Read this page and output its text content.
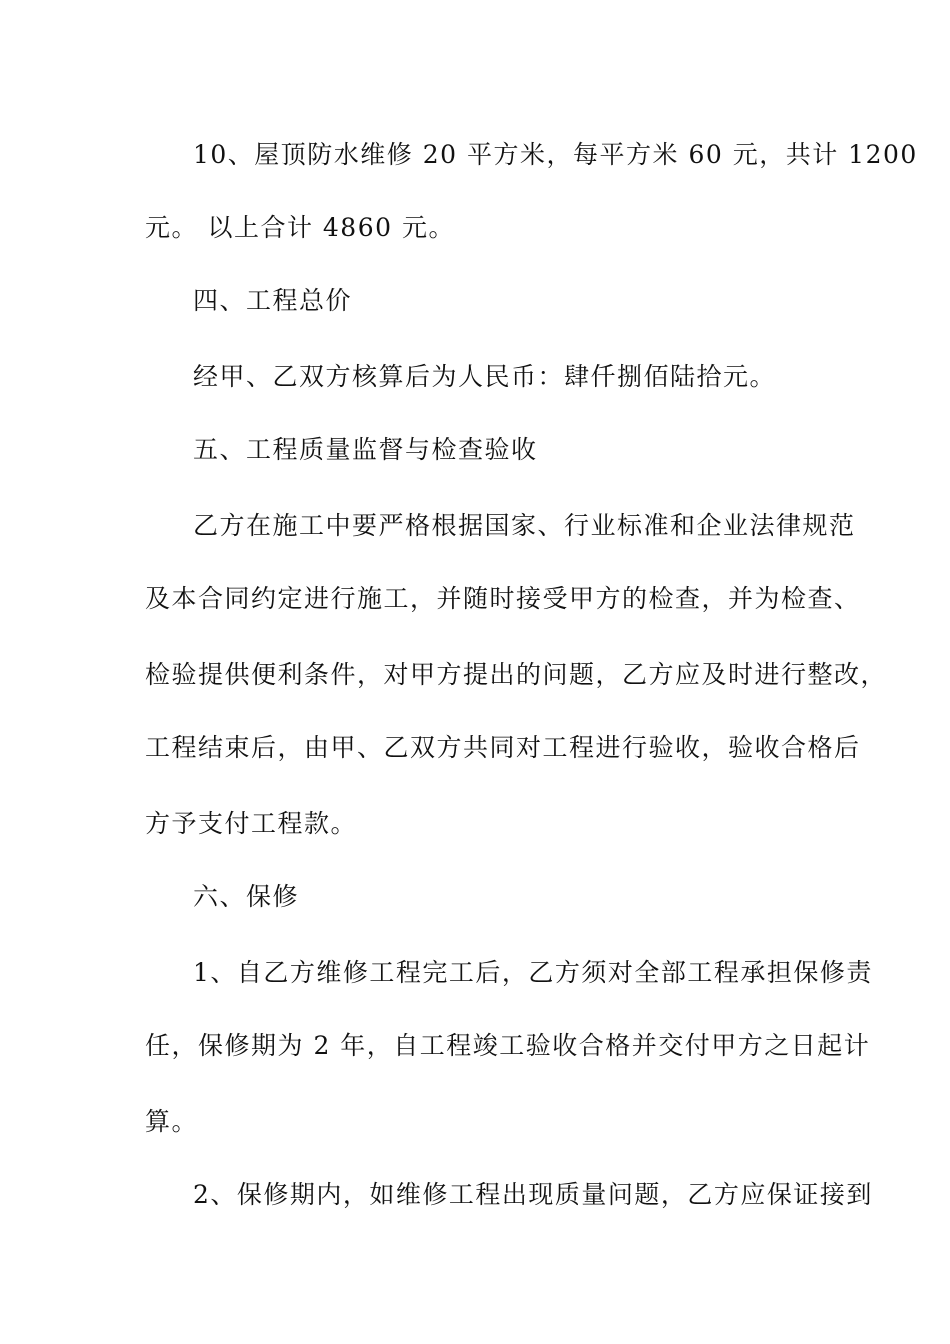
10、屋顶防水维修 20 平方米，每平方米 60 元，共计 1200
元。 以上合计 4860 元。
四、工程总价
经甲、乙双方核算后为人民币：肆仟捌佰陆拾元。
五、工程质量监督与检查验收
乙方在施工中要严格根据国家、行业标准和企业法律规范
及本合同约定进行施工，并随时接受甲方的检查，并为检查、
检验提供便利条件，对甲方提出的问题，乙方应及时进行整改，
工程结束后，由甲、乙双方共同对工程进行验收，验收合格后
方予支付工程款。
六、保修
1、自乙方维修工程完工后，乙方须对全部工程承担保修责
任，保修期为 2 年，自工程竣工验收合格并交付甲方之日起计
算。
2、保修期内，如维修工程出现质量问题，乙方应保证接到
